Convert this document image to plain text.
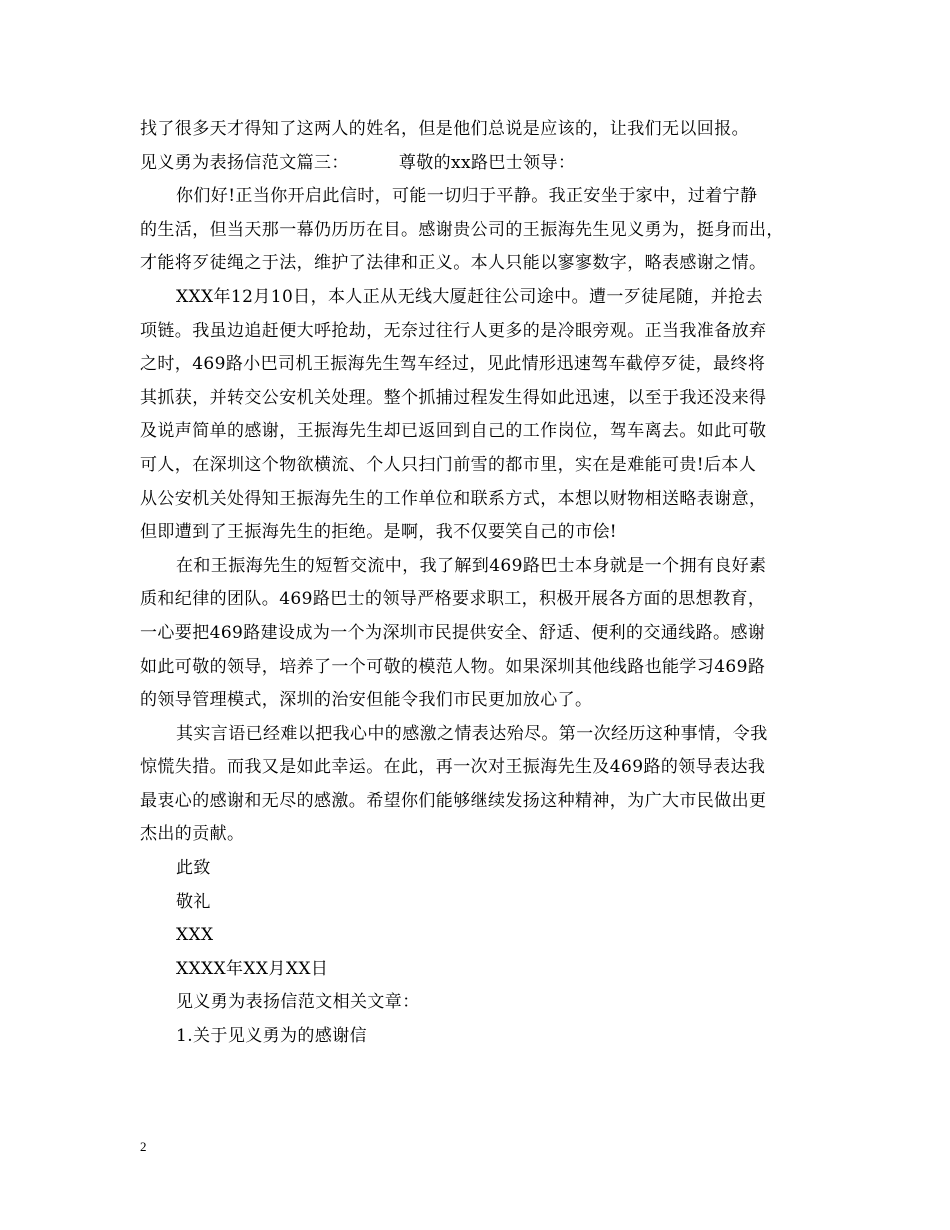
找了很多天才得知了这两人的姓名，但是他们总说是应该的，让我们无以回报。
见义勇为表扬信范文篇三：	尊敬的xx路巴士领导：
你们好!正当你开启此信时，可能一切归于平静。我正安坐于家中，过着宁静
的生活，但当天那一幕仍历历在目。感谢贵公司的王振海先生见义勇为，挺身而出，
才能将歹徒绳之于法，维护了法律和正义。本人只能以寥寥数字，略表感谢之情。
XXX年12月10日，本人正从无线大厦赶往公司途中。遭一歹徒尾随，并抢去
项链。我虽边追赶便大呼抢劫，无奈过往行人更多的是冷眼旁观。正当我准备放弃
之时，469路小巴司机王振海先生驾车经过，见此情形迅速驾车截停歹徒，最终将
其抓获，并转交公安机关处理。整个抓捕过程发生得如此迅速，以至于我还没来得
及说声简单的感谢，王振海先生却已返回到自己的工作岗位，驾车离去。如此可敬
可人，在深圳这个物欲横流、个人只扫门前雪的都市里，实在是难能可贵!后本人
从公安机关处得知王振海先生的工作单位和联系方式，本想以财物相送略表谢意，
但即遭到了王振海先生的拒绝。是啊，我不仅要笑自己的市侩!
在和王振海先生的短暂交流中，我了解到469路巴士本身就是一个拥有良好素
质和纪律的团队。469路巴士的领导严格要求职工，积极开展各方面的思想教育，
一心要把469路建设成为一个为深圳市民提供安全、舒适、便利的交通线路。感谢
如此可敬的领导，培养了一个可敬的模范人物。如果深圳其他线路也能学习469路
的领导管理模式，深圳的治安但能令我们市民更加放心了。
其实言语已经难以把我心中的感激之情表达殆尽。第一次经历这种事情，令我
惊慌失措。而我又是如此幸运。在此，再一次对王振海先生及469路的领导表达我
最衷心的感谢和无尽的感激。希望你们能够继续发扬这种精神，为广大市民做出更
杰出的贡献。
此致
敬礼
XXX
XXXX年XX月XX日
见义勇为表扬信范文相关文章：
1.关于见义勇为的感谢信
2
